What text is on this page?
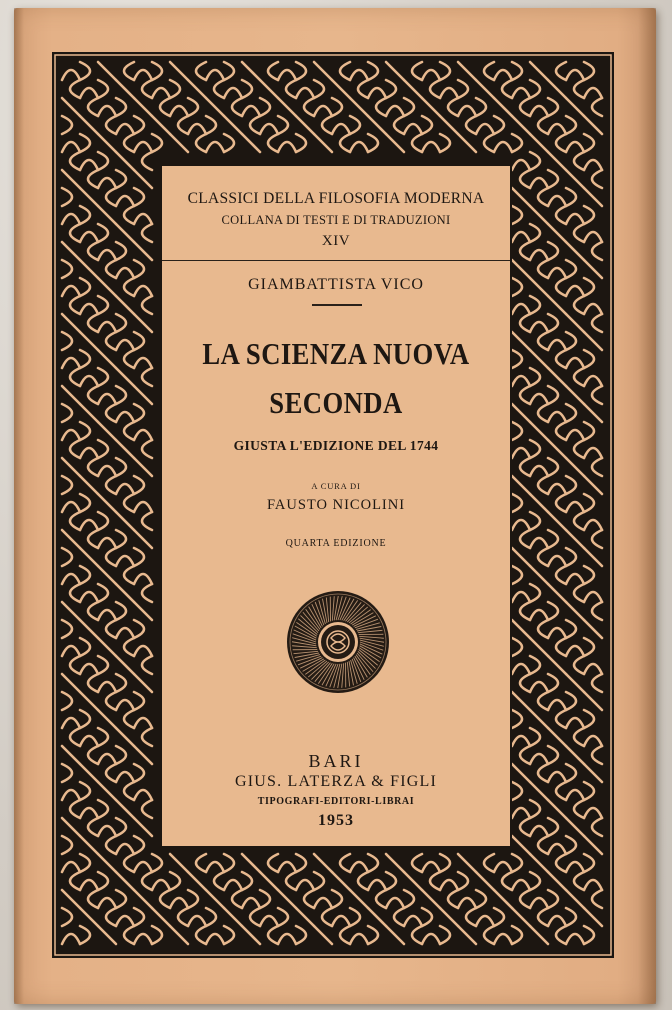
CLASSICI DELLA FILOSOFIA MODERNA
COLLANA DI TESTI E DI TRADUZIONI
XIV
GIAMBATTISTA VICO
LA SCIENZA NUOVA
SECONDA
GIUSTA L'EDIZIONE DEL 1744
A CURA DI
FAUSTO NICOLINI
QUARTA EDIZIONE
BARI
GIUS. LATERZA & FIGLI
TIPOGRAFI-EDITORI-LIBRAI
1953
